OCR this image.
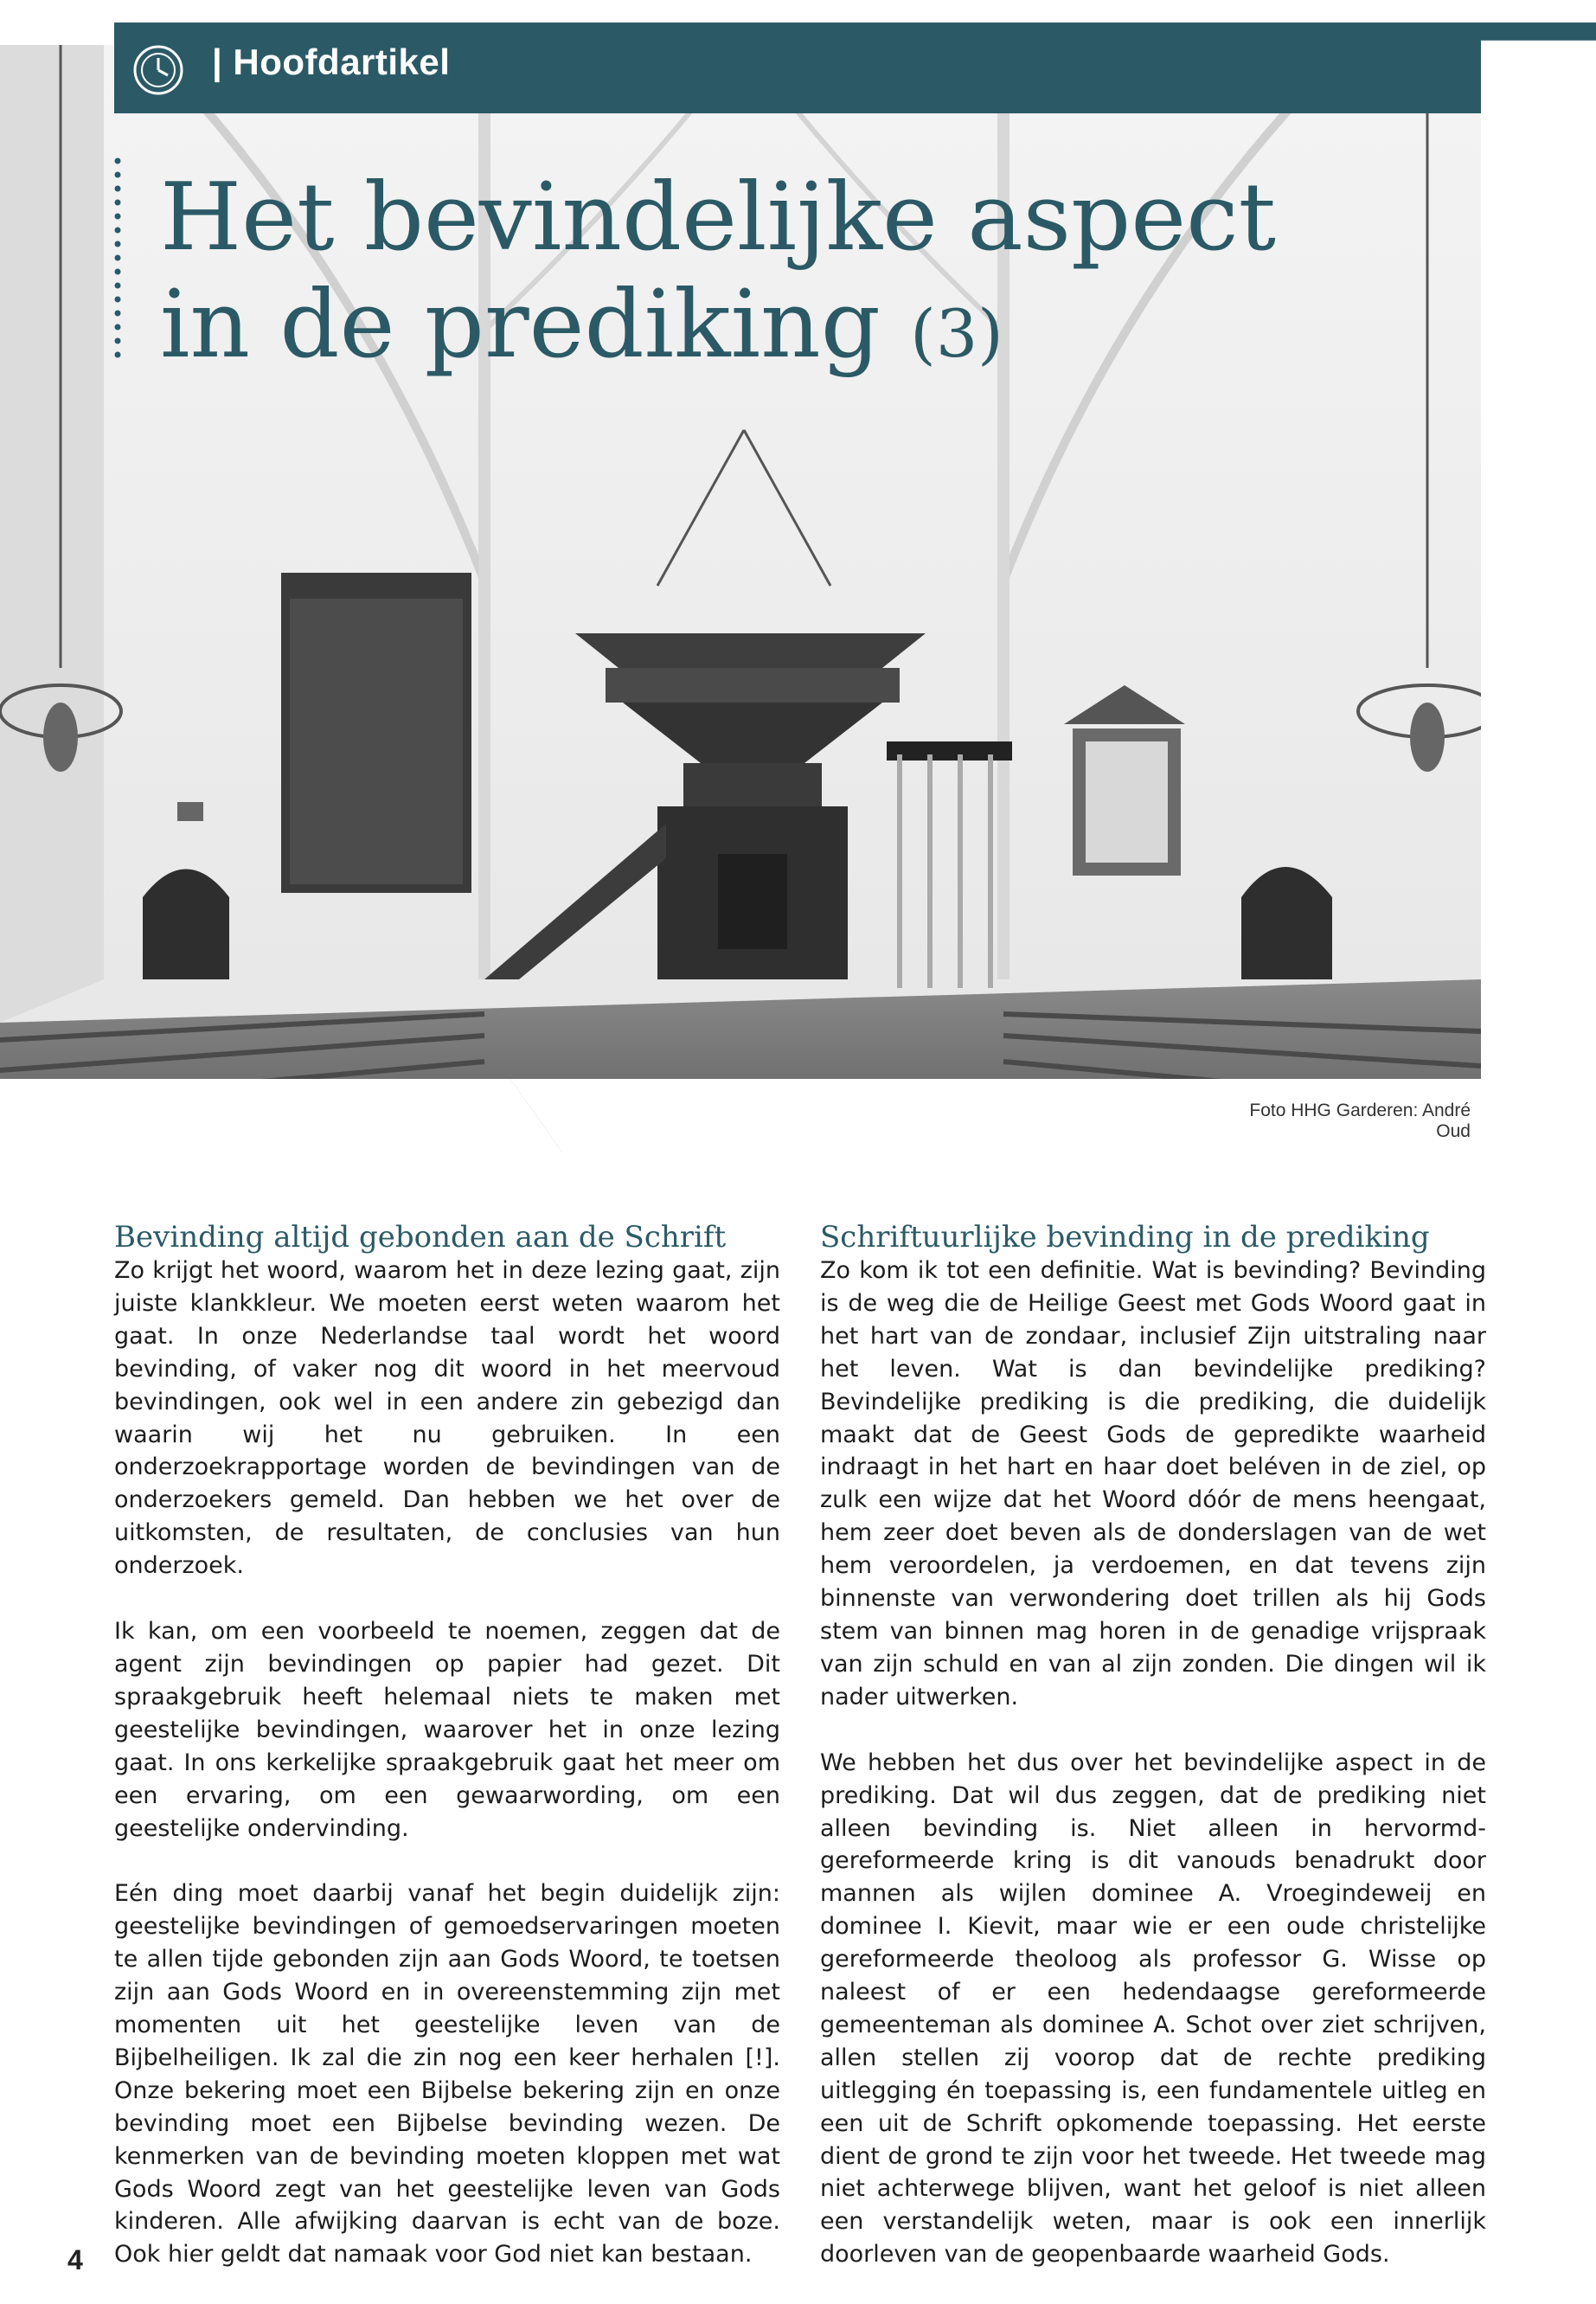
Foto HHG Garderen: André Oud
| Hoofdartikel
Het bevindelijke aspect
in de prediking (3)
Bevinding altijd gebonden aan de Schrift

Zo krijgt het woord, waarom het in deze lezing gaat, zijn juiste klankkleur. We moeten eerst weten waarom het gaat. In onze Nederlandse taal wordt het woord bevinding, of vaker nog dit woord in het meervoud bevindingen, ook wel in een andere zin gebezigd dan waarin wij het nu gebruiken. In een onderzoekrapportage worden de bevindingen van de onderzoekers gemeld. Dan hebben we het over de uitkomsten, de resultaten, de conclusies van hun onderzoek.

Ik kan, om een voorbeeld te noemen, zeggen dat de agent zijn bevindingen op papier had gezet. Dit spraakgebruik heeft helemaal niets te maken met geestelijke bevindingen, waarover het in onze lezing gaat. In ons kerkelijke spraakgebruik gaat het meer om een ervaring, om een gewaarwording, om een geestelijke ondervinding.

Eén ding moet daarbij vanaf het begin duidelijk zijn: geestelijke bevindingen of gemoedservaringen moeten te allen tijde gebonden zijn aan Gods Woord, te toetsen zijn aan Gods Woord en in overeenstemming zijn met momenten uit het geestelijke leven van de Bijbelheiligen. Ik zal die zin nog een keer herhalen [!]. Onze bekering moet een Bijbelse bekering zijn en onze bevinding moet een Bijbelse bevinding wezen. De kenmerken van de bevinding moeten kloppen met wat Gods Woord zegt van het geestelijke leven van Gods kinderen. Alle afwijking daarvan is echt van de boze. Ook hier geldt dat namaak voor God niet kan bestaan.

Schriftuurlijke bevinding in de prediking

Zo kom ik tot een definitie. Wat is bevinding? Bevinding is de weg die de Heilige Geest met Gods Woord gaat in het hart van de zondaar, inclusief Zijn uitstraling naar het leven. Wat is dan bevindelijke prediking? Bevindelijke prediking is die prediking, die duidelijk maakt dat de Geest Gods de gepredikte waarheid indraagt in het hart en haar doet beléven in de ziel, op zulk een wijze dat het Woord dóór de mens heengaat, hem zeer doet beven als de donderslagen van de wet hem veroordelen, ja verdoemen, en dat tevens zijn binnenste van verwondering doet trillen als hij Gods stem van binnen mag horen in de genadige vrijspraak van zijn schuld en van al zijn zonden. Die dingen wil ik nader uitwerken.

We hebben het dus over het bevindelijke aspect in de prediking. Dat wil dus zeggen, dat de prediking niet alleen bevinding is. Niet alleen in hervormd-gereformeerde kring is dit vanouds benadrukt door mannen als wijlen dominee A. Vroegindeweij en dominee I. Kievit, maar wie er een oude christelijke gereformeerde theoloog als professor G. Wisse op naleest of er een hedendaagse gereformeerde gemeenteman als dominee A. Schot over ziet schrijven, allen stellen zij voorop dat de rechte prediking uitlegging én toepassing is, een fundamentele uitleg en een uit de Schrift opkomende toepassing. Het eerste dient de grond te zijn voor het tweede. Het tweede mag niet achterwege blijven, want het geloof is niet alleen een verstandelijk weten, maar is ook een innerlijk doorleven van de geopenbaarde waarheid Gods.

4
